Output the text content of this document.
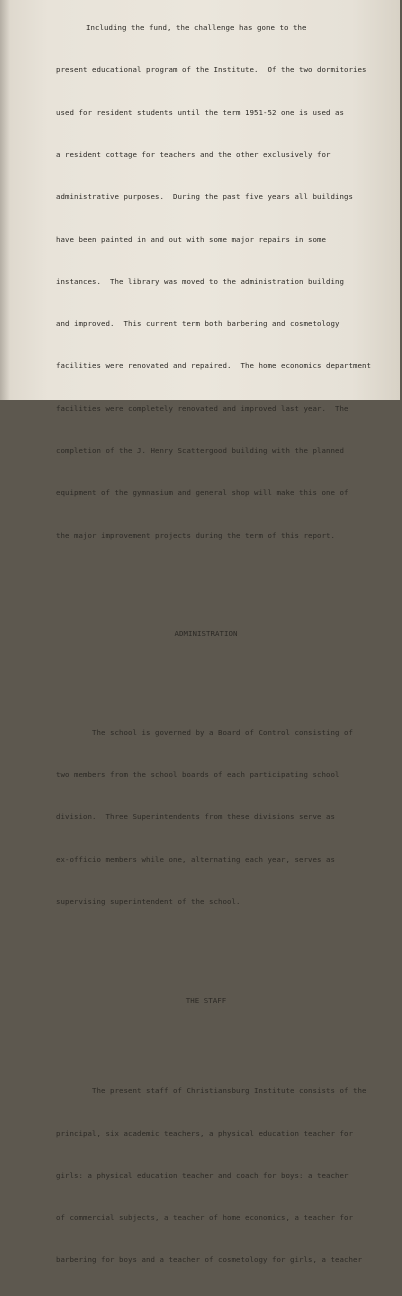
Including the fund, the challenge has gone to the

present educational program of the Institute.  Of the two dormitories

used for resident students until the term 1951-52 one is used as

a resident cottage for teachers and the other exclusively for

administrative purposes.  During the past five years all buildings

have been painted in and out with some major repairs in some

instances.  The library was moved to the administration building

and improved.  This current term both barbering and cosmetology

facilities were renovated and repaired.  The home economics department

facilities were completely renovated and improved last year.  The

completion of the J. Henry Scattergood building with the planned

equipment of the gymnasium and general shop will make this one of

the major improvement projects during the term of this report.

ADMINISTRATION

The school is governed by a Board of Control consisting of

two members from the school boards of each participating school

division.  Three Superintendents from these divisions serve as

ex-officio members while one, alternating each year, serves as

supervising superintendent of the school.

THE STAFF

The present staff of Christiansburg Institute consists of the

principal, six academic teachers, a physical education teacher for

girls: a physical education teacher and coach for boys: a teacher

of commercial subjects, a teacher of home economics, a teacher for

barbering for boys and a teacher of cosmetology for girls, a teacher
